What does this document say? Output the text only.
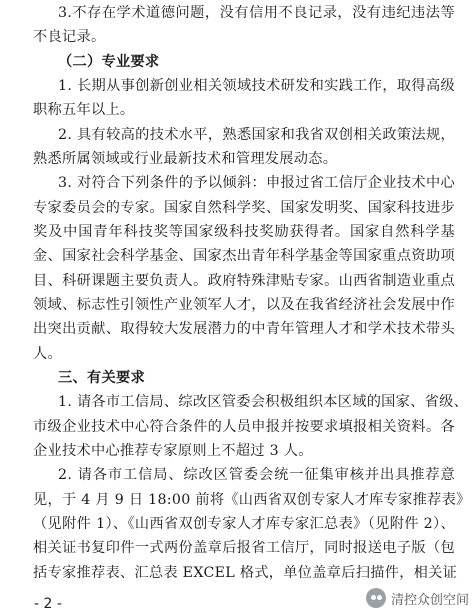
3.不存在学术道德问题，没有信用不良记录，没有违纪违法等
不良记录。
（二）专业要求
1. 长期从事创新创业相关领域技术研发和实践工作，取得高级
职称五年以上。
2. 具有较高的技术水平，熟悉国家和我省双创相关政策法规，
熟悉所属领域或行业最新技术和管理发展动态。
3. 对符合下列条件的予以倾斜：申报过省工信厅企业技术中心
专家委员会的专家。国家自然科学奖、国家发明奖、国家科技进步
奖及中国青年科技奖等国家级科技奖励获得者。国家自然科学基
金、国家社会科学基金、国家杰出青年科学基金等国家重点资助项
目、科研课题主要负责人。政府特殊津贴专家。山西省制造业重点
领域、标志性引领性产业领军人才，以及在我省经济社会发展中作
出突出贡献、取得较大发展潜力的中青年管理人才和学术技术带头
人。
三、有关要求
1. 请各市工信局、综改区管委会积极组织本区域的国家、省级、
市级企业技术中心符合条件的人员申报并按要求填报相关资料。各
企业技术中心推荐专家原则上不超过 3 人。
2. 请各市工信局、综改区管委会统一征集审核并出具推荐意
见，于 4 月 9 日 18:00 前将《山西省双创专家人才库专家推荐表》
（见附件 1）、《山西省双创专家人才库专家汇总表》（见附件 2）、
相关证书复印件一式两份盖章后报省工信厅，同时报送电子版（包
括专家推荐表、汇总表 EXCEL 格式，单位盖章后扫描件，相关证
- 2 -	清控众创空间
